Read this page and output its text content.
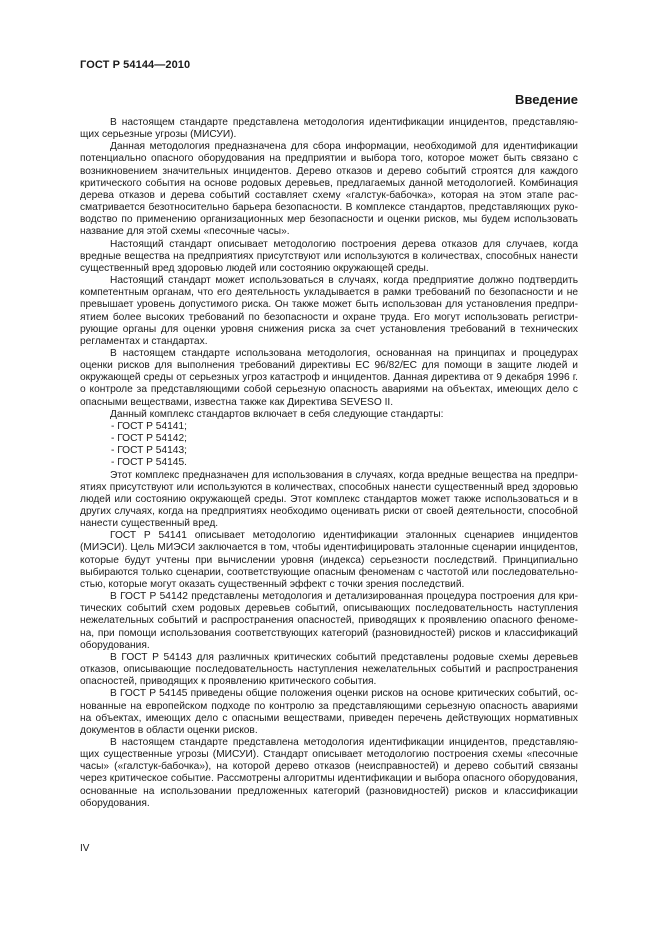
ГОСТ Р 54144—2010
Введение

В настоящем стандарте представлена методология идентификации инцидентов, представляющих серьезные угрозы (МИСУИ).

Данная методология предназначена для сбора информации, необходимой для идентификации потенциально опасного оборудования на предприятии и выбора того, которое может быть связано с возникновением значительных инцидентов. Дерево отказов и дерево событий строятся для каждого критического события на основе родовых деревьев, предлагаемых данной методологией. Комбинация дерева отказов и дерева событий составляет схему «галстук-бабочка», которая на этом этапе рассматривается безотносительно барьера безопасности. В комплексе стандартов, представляющих руководство по применению организационных мер безопасности и оценки рисков, мы будем использовать название для этой схемы «песочные часы».

Настоящий стандарт описывает методологию построения дерева отказов для случаев, когда вредные вещества на предприятиях присутствуют или используются в количествах, способных нанести существенный вред здоровью людей или состоянию окружающей среды.

Настоящий стандарт может использоваться в случаях, когда предприятие должно подтвердить компетентным органам, что его деятельность укладывается в рамки требований по безопасности и не превышает уровень допустимого риска. Он также может быть использован для установления предприятием более высоких требований по безопасности и охране труда. Его могут использовать регистрирующие органы для оценки уровня снижения риска за счет установления требований в технических регламентах и стандартах.

В настоящем стандарте использована методология, основанная на принципах и процедурах оценки рисков для выполнения требований директивы ЕС 96/82/ЕС для помощи в защите людей и окружающей среды от серьезных угроз катастроф и инцидентов. Данная директива от 9 декабря 1996 г. о контроле за представляющими собой серьезную опасность авариями на объектах, имеющих дело с опасными веществами, известна также как Директива SEVESO II.

Данный комплекс стандартов включает в себя следующие стандарты:

- ГОСТ Р 54141;
- ГОСТ Р 54142;
- ГОСТ Р 54143;
- ГОСТ Р 54145.

Этот комплекс предназначен для использования в случаях, когда вредные вещества на предприятиях присутствуют или используются в количествах, способных нанести существенный вред здоровью людей или состоянию окружающей среды. Этот комплекс стандартов может также использоваться и в других случаях, когда на предприятиях необходимо оценивать риски от своей деятельности, способной нанести существенный вред.

ГОСТ Р 54141 описывает методологию идентификации эталонных сценариев инцидентов (МИЭСИ). Цель МИЭСИ заключается в том, чтобы идентифицировать эталонные сценарии инцидентов, которые будут учтены при вычислении уровня (индекса) серьезности последствий. Принципиально выбираются только сценарии, соответствующие опасным феноменам с частотой или последовательностью, которые могут оказать существенный эффект с точки зрения последствий.

В ГОСТ Р 54142 представлены методология и детализированная процедура построения для критических событий схем родовых деревьев событий, описывающих последовательность наступления нежелательных событий и распространения опасностей, приводящих к проявлению опасного феномена, при помощи использования соответствующих категорий (разновидностей) рисков и классификаций оборудования.

В ГОСТ Р 54143 для различных критических событий представлены родовые схемы деревьев отказов, описывающие последовательность наступления нежелательных событий и распространения опасностей, приводящих к проявлению критического события.

В ГОСТ Р 54145 приведены общие положения оценки рисков на основе критических событий, основанные на европейском подходе по контролю за представляющими серьезную опасность авариями на объектах, имеющих дело с опасными веществами, приведен перечень действующих нормативных документов в области оценки рисков.

В настоящем стандарте представлена методология идентификации инцидентов, представляющих существенные угрозы (МИСУИ). Стандарт описывает методологию построения схемы «песочные часы» («галстук-бабочка»), на которой дерево отказов (неисправностей) и дерево событий связаны через критическое событие. Рассмотрены алгоритмы идентификации и выбора опасного оборудования, основанные на использовании предложенных категорий (разновидностей) рисков и классификации оборудования.

IV
